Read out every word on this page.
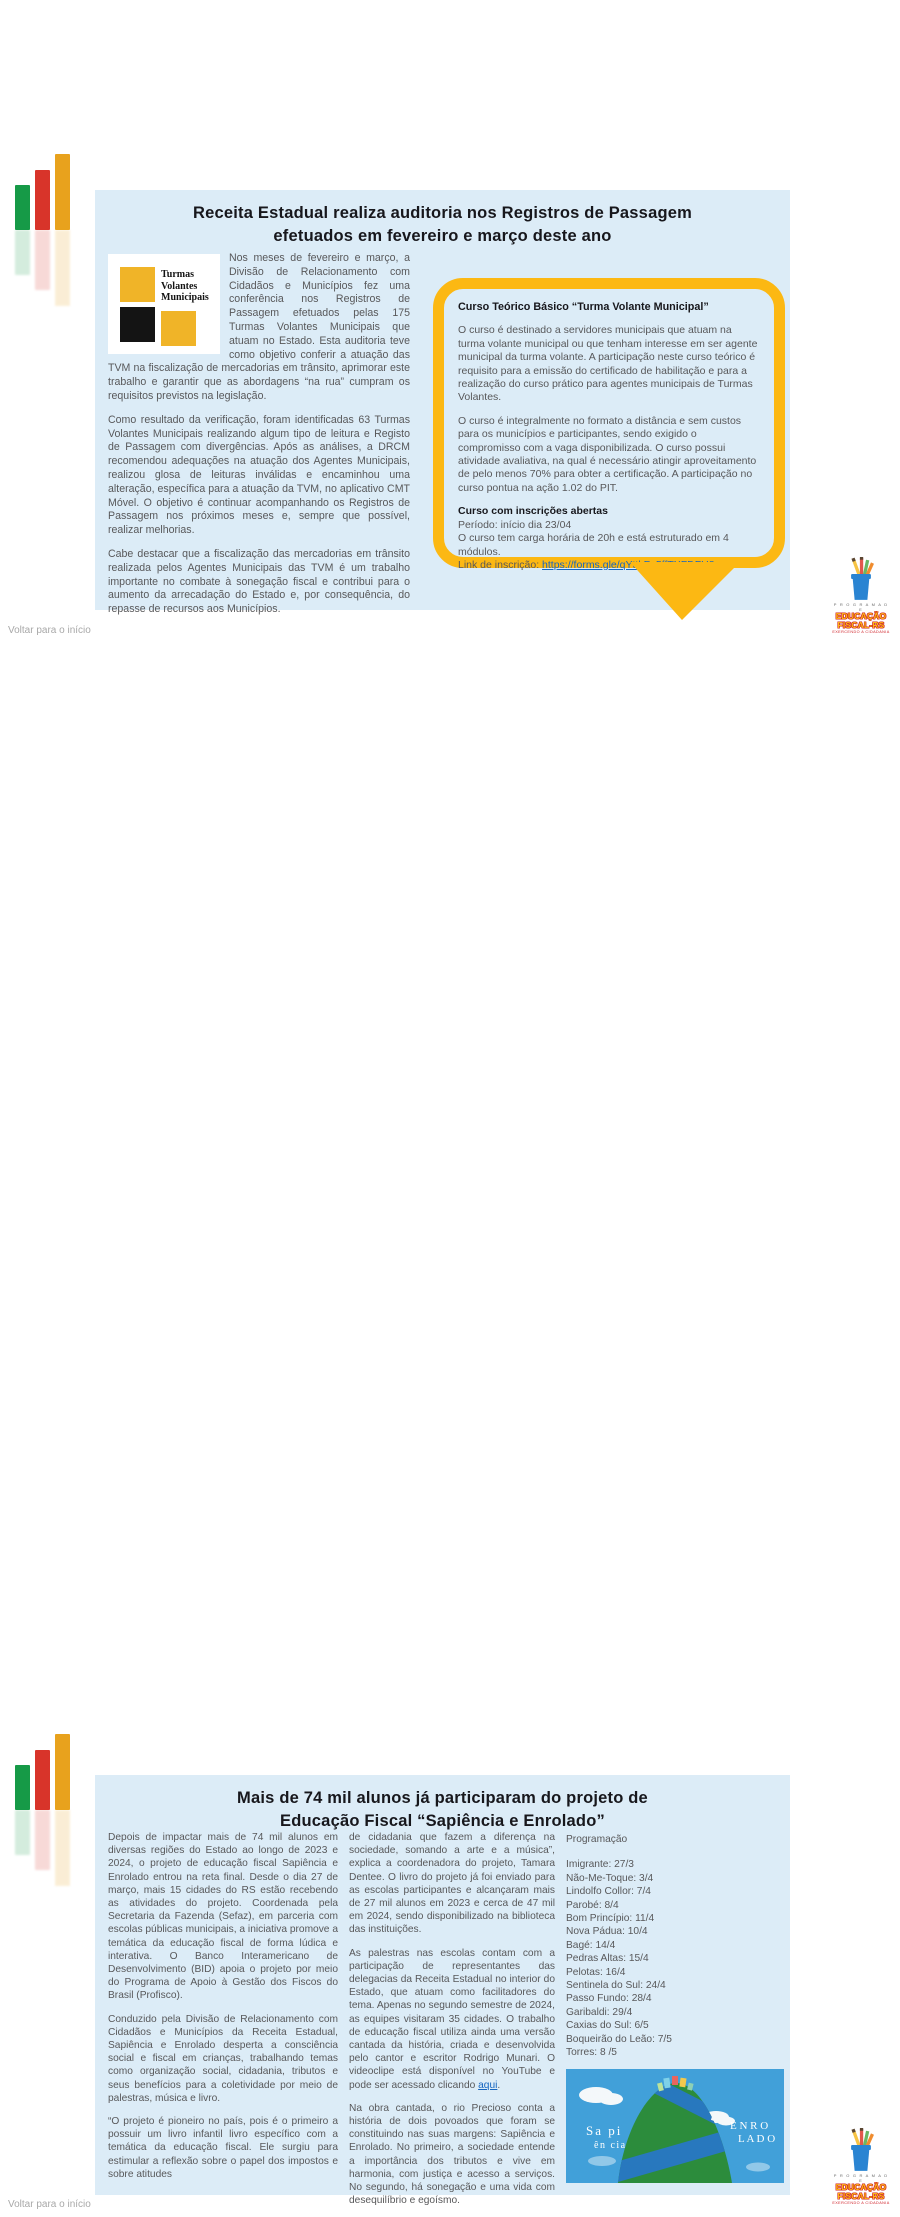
Receita Estadual realiza auditoria nos Registros de Passagem
efetuados em fevereiro e março deste ano
Turmas Volantes Municipais

Nos meses de fevereiro e março, a Divisão de Relacionamento com Cidadãos e Municípios fez uma conferência nos Registros de Passagem efetuados pelas 175 Turmas Volantes Municipais que atuam no Estado. Esta auditoria teve como objetivo conferir a atuação das TVM na fiscalização de mercadorias em trânsito, aprimorar este trabalho e garantir que as abordagens “na rua” cumpram os requisitos previstos na legislação.

Como resultado da verificação, foram identificadas 63 Turmas Volantes Municipais realizando algum tipo de leitura e Registo de Passagem com divergências. Após as análises, a DRCM recomendou adequações na atuação dos Agentes Municipais, realizou glosa de leituras inválidas e encaminhou uma alteração, específica para a atuação da TVM, no aplicativo CMT Móvel. O objetivo é continuar acompanhando os Registros de Passagem nos próximos meses e, sempre que possível, realizar melhorias.

Cabe destacar que a fiscalização das mercadorias em trânsito realizada pelos Agentes Municipais das TVM é um trabalho importante no combate à sonegação fiscal e contribui para o aumento da arrecadação do Estado e, por consequência, do repasse de recursos aos Municípios.

Curso Teórico Básico “Turma Volante Municipal”

O curso é destinado a servidores municipais que atuam na turma volante municipal ou que tenham interesse em ser agente municipal da turma volante. A participação neste curso teórico é requisito para a emissão do certificado de habilitação e para a realização do curso prático para agentes municipais de Turmas Volantes.

O curso é integralmente no formato a distância e sem custos para os municípios e participantes, sendo exigido o compromisso com a vaga disponibilizada. O curso possui atividade avaliativa, na qual é necessário atingir aproveitamento de pelo menos 70% para obter a certificação. A participação no curso pontua na ação 1.02 do PIT.

Curso com inscrições abertas

Período: início dia 23/04

O curso tem carga horária de 20h e está estruturado em 4 módulos.

Link de inscrição: https://forms.gle/qYttkFn5ffTXFDFU8

Voltar para o início
P R O G R A M A D E
EDUCAÇÃO
FISCAL-RS
EXERCENDO A CIDADANIA
Mais de 74 mil alunos já participaram do projeto de
Educação Fiscal “Sapiência e Enrolado”

Depois de impactar mais de 74 mil alunos em diversas regiões do Estado ao longo de 2023 e 2024, o projeto de educação fiscal Sapiência e Enrolado entrou na reta final. Desde o dia 27 de março, mais 15 cidades do RS estão recebendo as atividades do projeto. Coordenada pela Secretaria da Fazenda (Sefaz), em parceria com escolas públicas municipais, a iniciativa promove a temática da educação fiscal de forma lúdica e interativa. O Banco Interamericano de Desenvolvimento (BID) apoia o projeto por meio do Programa de Apoio à Gestão dos Fiscos do Brasil (Profisco).

Conduzido pela Divisão de Relacionamento com Cidadãos e Municípios da Receita Estadual, Sapiência e Enrolado desperta a consciência social e fiscal em crianças, trabalhando temas como organização social, cidadania, tributos e seus benefícios para a coletividade por meio de palestras, música e livro.

“O projeto é pioneiro no país, pois é o primeiro a possuir um livro infantil livro específico com a temática da educação fiscal. Ele surgiu para estimular a reflexão sobre o papel dos impostos e sobre atitudes

de cidadania que fazem a diferença na sociedade, somando a arte e a música”, explica a coordenadora do projeto, Tamara Dentee. O livro do projeto já foi enviado para as escolas participantes e alcançaram mais de 27 mil alunos em 2023 e cerca de 47 mil em 2024, sendo disponibilizado na biblioteca das instituições.

As palestras nas escolas contam com a participação de representantes das delegacias da Receita Estadual no interior do Estado, que atuam como facilitadores do tema. Apenas no segundo semestre de 2024, as equipes visitaram 35 cidades. O trabalho de educação fiscal utiliza ainda uma versão cantada da história, criada e desenvolvida pelo cantor e escritor Rodrigo Munari. O videoclipe está disponível no YouTube e pode ser acessado clicando aqui.

Na obra cantada, o rio Precioso conta a história de dois povoados que foram se constituindo nas suas margens: Sapiência e Enrolado. No primeiro, a sociedade entende a importância dos tributos e vive em harmonia, com justiça e acesso a serviços. No segundo, há sonegação e uma vida com desequilíbrio e egoísmo.

Programação

Imigrante: 27/3
Não-Me-Toque: 3/4
Lindolfo Collor: 7/4
Parobé: 8/4
Bom Princípio: 11/4
Nova Pádua: 10/4
Bagé: 14/4
Pedras Altas: 15/4
Pelotas: 16/4
Sentinela do Sul: 24/4
Passo Fundo: 28/4
Garibaldi: 29/4
Caxias do Sul: 6/5
Boqueirão do Leão: 7/5
Torres: 8 /5
Sa pi
ên cia
E N R O
L A D O
Voltar para o início
P R O G R A M A D E
EDUCAÇÃO
FISCAL-RS
EXERCENDO A CIDADANIA
